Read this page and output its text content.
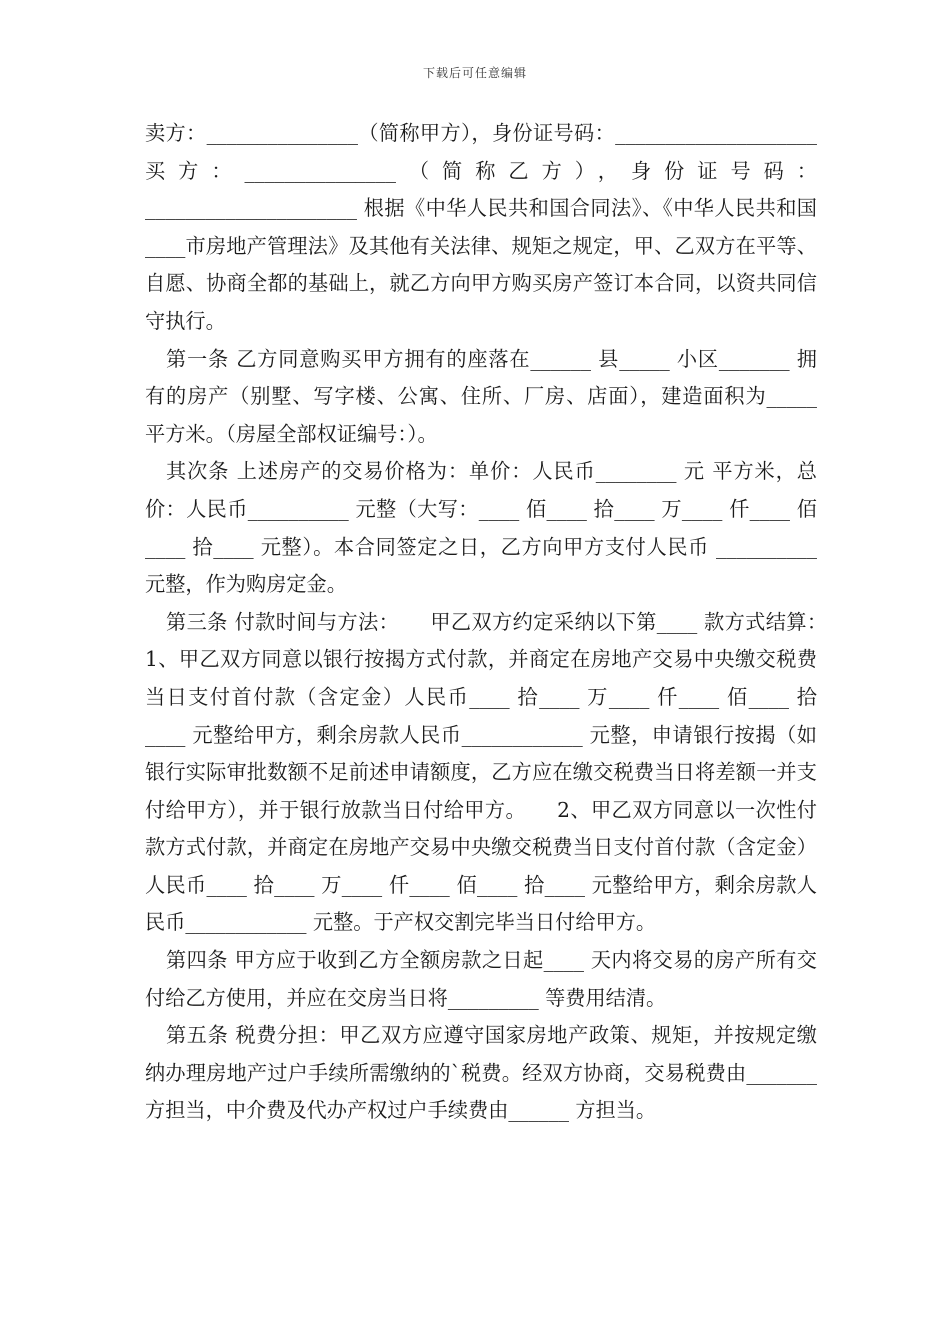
下载后可任意编辑

卖方：_______________（简称甲方），身份证号码：____________________ 买方：_______________（简称乙方），身份证号码：_____________________ 根据《中华人民共和国合同法》、《中华人民共和国____市房地产管理法》及其他有关法律、规矩之规定，甲、乙双方在平等、自愿、协商全都的基础上，就乙方向甲方购买房产签订本合同，以资共同信守执行。

第一条 乙方同意购买甲方拥有的座落在______ 县_____ 小区_______ 拥有的房产（别墅、写字楼、公寓、住所、厂房、店面），建造面积为_____ 平方米。（房屋全部权证编号：）。

其次条 上述房产的交易价格为：单价：人民币________ 元 平方米，总价：人民币__________ 元整（大写：____ 佰____ 拾____ 万____ 仟____ 佰____ 拾____ 元整）。本合同签定之日，乙方向甲方支付人民币 __________ 元整，作为购房定金。

第三条 付款时间与方法：　　甲乙双方约定采纳以下第____ 款方式结算：　　1、甲乙双方同意以银行按揭方式付款，并商定在房地产交易中央缴交税费当日支付首付款（含定金）人民币____ 拾____ 万____ 仟____ 佰____ 拾____ 元整给甲方，剩余房款人民币____________ 元整，申请银行按揭（如银行实际审批数额不足前述申请额度，乙方应在缴交税费当日将差额一并支付给甲方），并于银行放款当日付给甲方。　　2、甲乙双方同意以一次性付款方式付款，并商定在房地产交易中央缴交税费当日支付首付款（含定金）人民币____ 拾____ 万____ 仟____ 佰____ 拾____ 元整给甲方，剩余房款人民币____________ 元整。于产权交割完毕当日付给甲方。

第四条 甲方应于收到乙方全额房款之日起____ 天内将交易的房产所有交付给乙方使用，并应在交房当日将_________ 等费用结清。

第五条 税费分担：甲乙双方应遵守国家房地产政策、规矩，并按规定缴纳办理房地产过户手续所需缴纳的`税费。经双方协商，交易税费由_______ 方担当，中介费及代办产权过户手续费由______ 方担当。
